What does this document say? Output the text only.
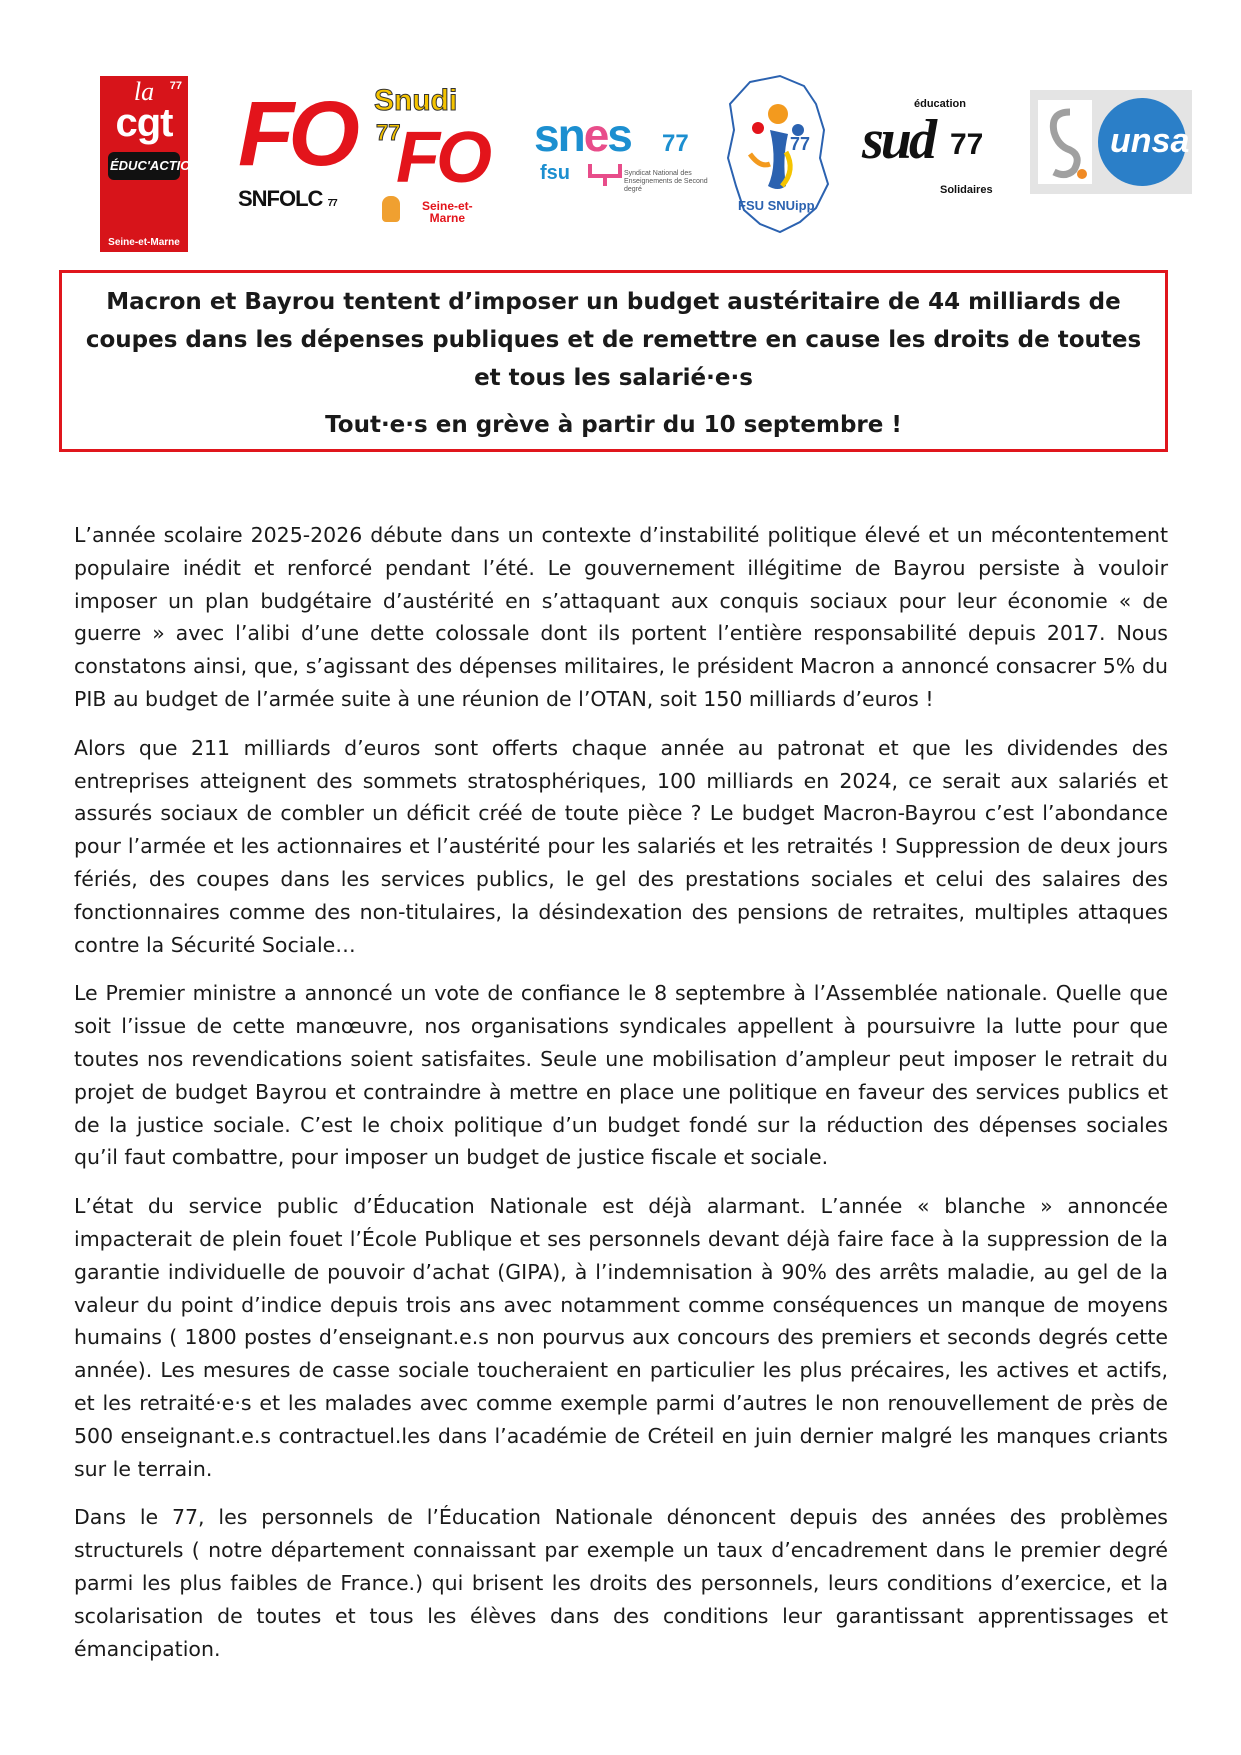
77
la
cgt
ÉDUC'ACTION
Seine-et-Marne
FO
SNFOLC 77
Snudi
77
FO
Seine-et-
Marne
snes	77
fsu	Syndicat National des Enseignements de Second degré
77
FSU SNUipp
éducation
sud 77
Solidaires
unsa
Macron et Bayrou tentent d’imposer un budget austéritaire de 44 milliards de coupes dans les dépenses publiques et de remettre en cause les droits de toutes et tous les salarié·e·s
Tout·e·s en grève à partir du 10 septembre !

L’année scolaire 2025-2026 débute dans un contexte d’instabilité politique élevé et un mécontentement populaire inédit et renforcé pendant l’été. Le gouvernement illégitime de Bayrou persiste à vouloir imposer un plan budgétaire d’austérité en s’attaquant aux conquis sociaux pour leur économie « de guerre » avec l’alibi d’une dette colossale dont ils portent l’entière responsabilité depuis 2017. Nous constatons ainsi, que, s’agissant des dépenses militaires, le président Macron a annoncé consacrer 5% du PIB au budget de l’armée suite à une réunion de l’OTAN, soit 150 milliards d’euros !

Alors que 211 milliards d’euros sont offerts chaque année au patronat et que les dividendes des entreprises atteignent des sommets stratosphériques, 100 milliards en 2024, ce serait aux salariés et assurés sociaux de combler un déficit créé de toute pièce ? Le budget Macron-Bayrou c’est l’abondance pour l’armée et les actionnaires et l’austérité pour les salariés et les retraités ! Suppression de deux jours fériés, des coupes dans les services publics, le gel des prestations sociales et celui des salaires des fonctionnaires comme des non-titulaires, la désindexation des pensions de retraites, multiples attaques contre la Sécurité Sociale…

Le Premier ministre a annoncé un vote de confiance le 8 septembre à l’Assemblée nationale. Quelle que soit l’issue de cette manœuvre, nos organisations syndicales appellent à poursuivre la lutte pour que toutes nos revendications soient satisfaites. Seule une mobilisation d’ampleur peut imposer le retrait du projet de budget Bayrou et contraindre à mettre en place une politique en faveur des services publics et de la justice sociale. C’est le choix politique d’un budget fondé sur la réduction des dépenses sociales qu’il faut combattre, pour imposer un budget de justice fiscale et sociale.

L’état du service public d’Éducation Nationale est déjà alarmant. L’année « blanche » annoncée impacterait de plein fouet l’École Publique et ses personnels devant déjà faire face à la suppression de la garantie individuelle de pouvoir d’achat (GIPA), à l’indemnisation à 90% des arrêts maladie, au gel de la valeur du point d’indice depuis trois ans avec notamment comme conséquences un manque de moyens humains ( 1800 postes d’enseignant.e.s non pourvus aux concours des premiers et seconds degrés cette année). Les mesures de casse sociale toucheraient en particulier les plus précaires, les actives et actifs, et les retraité·e·s et les malades avec comme exemple parmi d’autres le non renouvellement de près de 500 enseignant.e.s contractuel.les dans l’académie de Créteil en juin dernier malgré les manques criants sur le terrain.

Dans le 77, les personnels de l’Éducation Nationale dénoncent depuis des années des problèmes structurels ( notre département connaissant par exemple un taux d’encadrement dans le premier degré parmi les plus faibles de France.) qui brisent les droits des personnels, leurs conditions d’exercice, et la scolarisation de toutes et tous les élèves dans des conditions leur garantissant apprentissages et émancipation.
